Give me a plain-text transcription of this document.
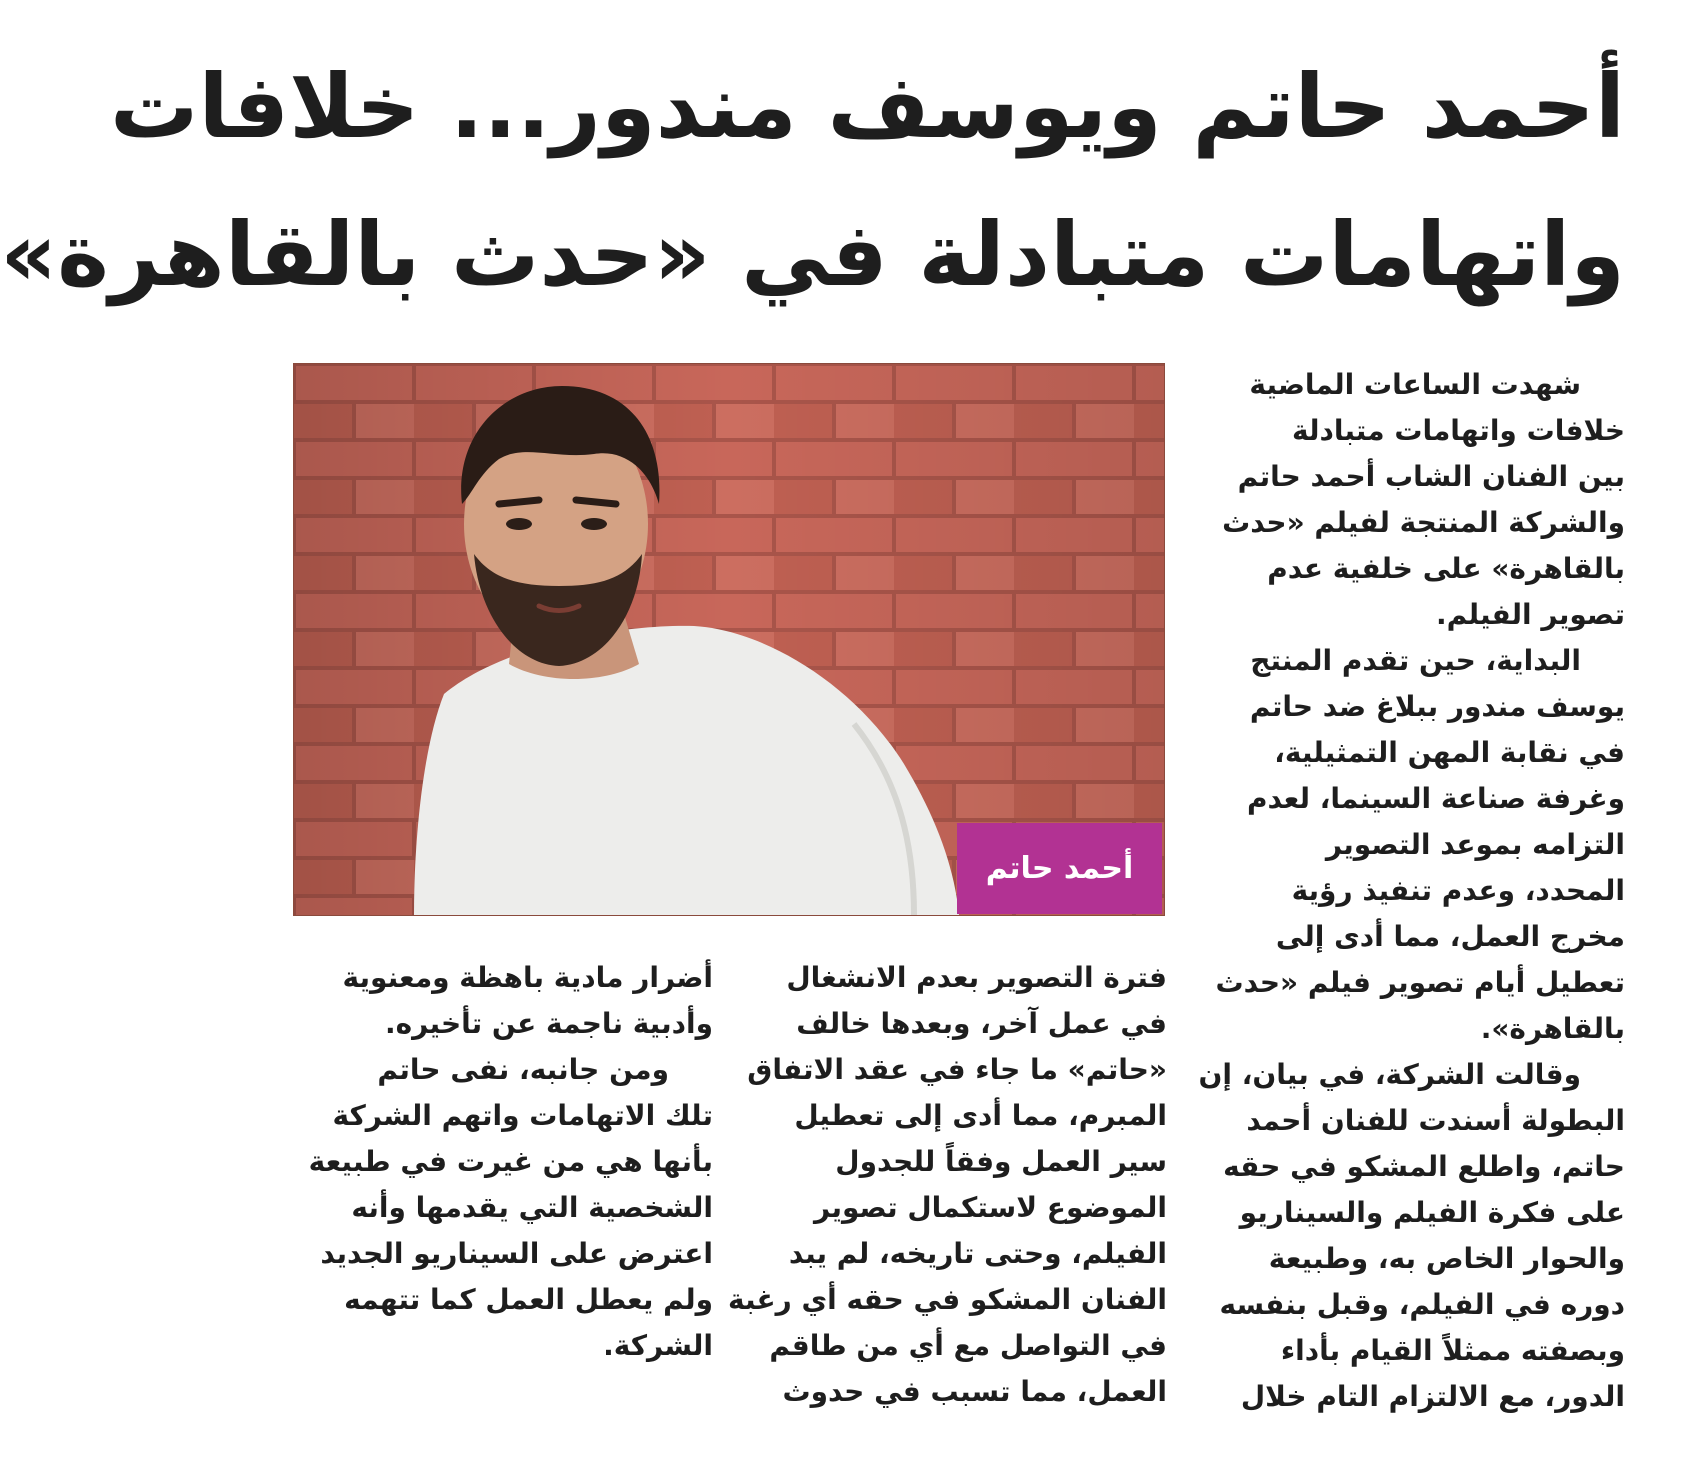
أحمد حاتم ويوسف مندور... خلافات
واتهامات متبادلة في «حدث بالقاهرة»
أحمد حاتم
شهدت الساعات الماضية
خلافات واتهامات متبادلة
بين الفنان الشاب أحمد حاتم
والشركة المنتجة لفيلم «حدث
بالقاهرة» على خلفية عدم
تصوير الفيلم.
البداية، حين تقدم المنتج
يوسف مندور ببلاغ ضد حاتم
في نقابة المهن التمثيلية،
وغرفة صناعة السينما، لعدم
التزامه بموعد التصوير
المحدد، وعدم تنفيذ رؤية
مخرج العمل، مما أدى إلى
تعطيل أيام تصوير فيلم «حدث
بالقاهرة».
وقالت الشركة، في بيان، إن
البطولة أسندت للفنان أحمد
حاتم، واطلع المشكو في حقه
على فكرة الفيلم والسيناريو
والحوار الخاص به، وطبيعة
دوره في الفيلم، وقبل بنفسه
وبصفته ممثلاً القيام بأداء
الدور، مع الالتزام التام خلال
فترة التصوير بعدم الانشغال
في عمل آخر، وبعدها خالف
«حاتم» ما جاء في عقد الاتفاق
المبرم، مما أدى إلى تعطيل
سير العمل وفقاً للجدول
الموضوع لاستكمال تصوير
الفيلم، وحتى تاريخه، لم يبد
الفنان المشكو في حقه أي رغبة
في التواصل مع أي من طاقم
العمل، مما تسبب في حدوث
أضرار مادية باهظة ومعنوية
وأدبية ناجمة عن تأخيره.
ومن جانبه، نفى حاتم
تلك الاتهامات واتهم الشركة
بأنها هي من غيرت في طبيعة
الشخصية التي يقدمها وأنه
اعترض على السيناريو الجديد
ولم يعطل العمل كما تتهمه
الشركة.
